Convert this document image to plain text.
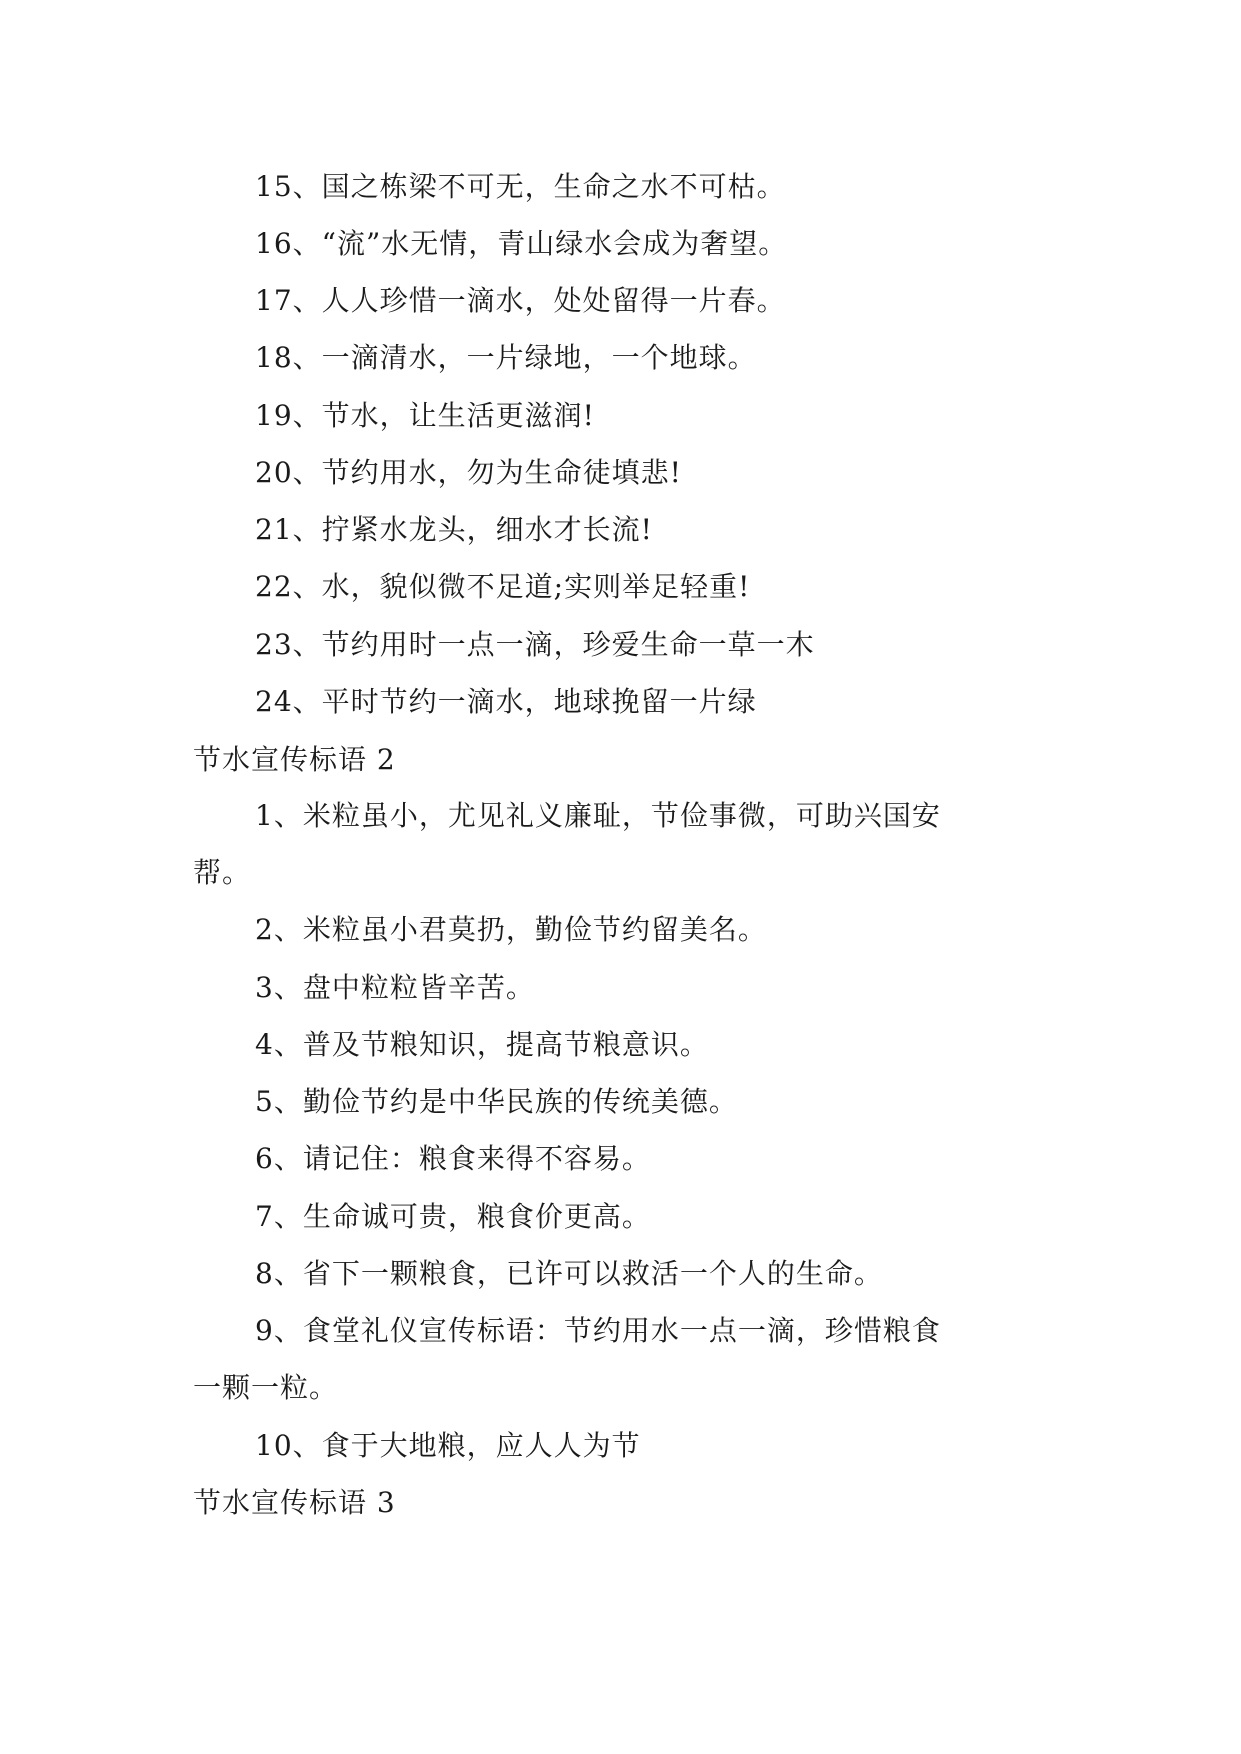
15、国之栋梁不可无，生命之水不可枯。
16、“流”水无情，青山绿水会成为奢望。
17、人人珍惜一滴水，处处留得一片春。
18、一滴清水，一片绿地，一个地球。
19、节水，让生活更滋润!
20、节约用水，勿为生命徒填悲!
21、拧紧水龙头，细水才长流!
22、水，貌似微不足道;实则举足轻重!
23、节约用时一点一滴，珍爱生命一草一木
24、平时节约一滴水，地球挽留一片绿
节水宣传标语 2
1、米粒虽小，尤见礼义廉耻，节俭事微，可助兴国安
帮。
2、米粒虽小君莫扔，勤俭节约留美名。
3、盘中粒粒皆辛苦。
4、普及节粮知识，提高节粮意识。
5、勤俭节约是中华民族的传统美德。
6、请记住：粮食来得不容易。
7、生命诚可贵，粮食价更高。
8、省下一颗粮食，已许可以救活一个人的生命。
9、食堂礼仪宣传标语：节约用水一点一滴，珍惜粮食
一颗一粒。
10、食于大地粮，应人人为节
节水宣传标语 3
